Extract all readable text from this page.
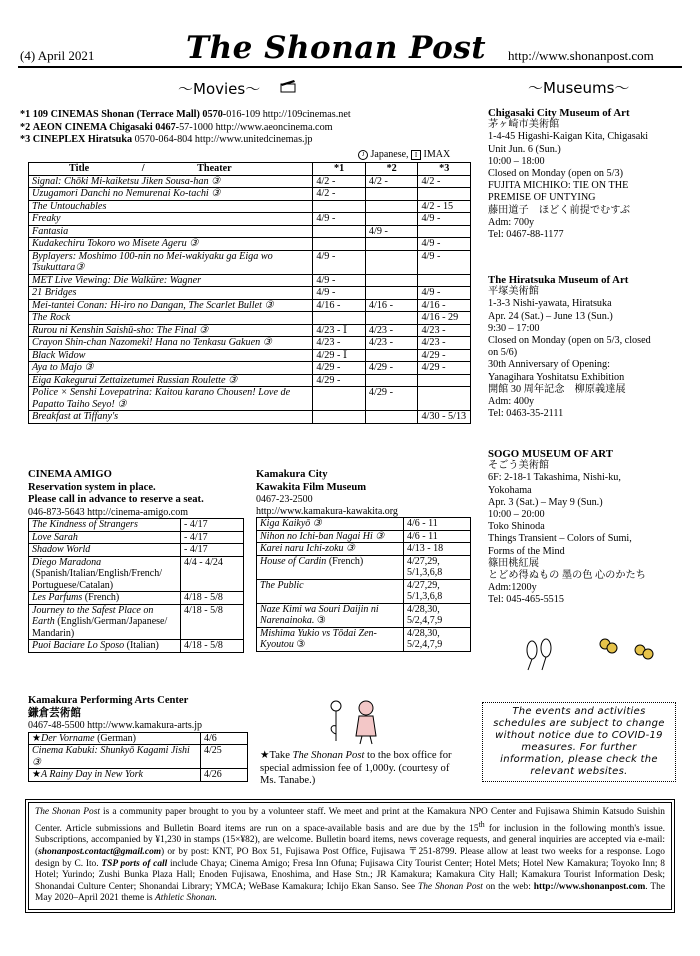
(4) April 2021	The Shonan Post http://www.shonanpost.com
～Movies～	～Museums～
*1 109 CINEMAS Shonan (Terrace Mall) 0570-016-109 http://109cinemas.net
*2 AEON CINEMA Chigasaki 0467-57-1000 http://www.aeoncinema.com
*3 CINEPLEX Hiratsuka 0570-064-804 http://www.unitedcinemas.jp
J Japanese, I IMAX
Title / Theater	*1	*2	*3
Signal: Chōki Mi-kaiketsu Jiken Sousa-han ③	4/2 -	4/2 -	4/2 -
Uzugamori Danchi no Nemurenai Ko-tachi ③	4/2 -		
The Untouchables			4/2 - 15
Freaky	4/9 -		4/9 -
Fantasia		4/9 -	
Kudakechiru Tokoro wo Misete Ageru ③			4/9 -
Byplayers: Moshimo 100-nin no Mei-wakiyaku ga Eiga wo Tsukuttara③	4/9 -		4/9 -
MET Live Viewing: Die Walküre: Wagner	4/9 -		
21 Bridges	4/9 -		4/9 -
Mei-tantei Conan: Hi-iro no Dangan, The Scarlet Bullet ③	4/16 -	4/16 -	4/16 -
The Rock			4/16 - 29
Rurou ni Kenshin Saishū-sho: The Final ③	4/23 - Ⅰ	4/23 -	4/23 -
Crayon Shin-chan Nazomeki! Hana no Tenkasu Gakuen ③	4/23 -	4/23 -	4/23 -
Black Widow	4/29 - Ⅰ		4/29 -
Aya to Majo ③	4/29 -	4/29 -	4/29 -
Eiga Kakegurui Zettaizetumei Russian Roulette ③	4/29 -		
Police × Senshi Lovepatrina: Kaitou karano Chousen! Love de Papatto Taiho Seyo! ③		4/29 -	
Breakfast at Tiffany's			4/30 - 5/13
CINEMA AMIGO
Reservation system in place.
Please call in advance to reserve a seat.
046-873-5643 http://cinema-amigo.com
The Kindness of Strangers	- 4/17
Love Sarah	- 4/17
Shadow World	- 4/17
Diego Maradona (Spanish/Italian/English/French/ Portuguese/Catalan)	4/4 - 4/24
Les Parfums (French)	4/18 - 5/8
Journey to the Safest Place on Earth (English/German/Japanese/ Mandarin)	4/18 - 5/8
Puoi Baciare Lo Sposo (Italian)	4/18 - 5/8
Kamakura City
Kawakita Film Museum
0467-23-2500
http://www.kamakura-kawakita.org
Kiga Kaikyō ③	4/6 - 11
Nihon no Ichi-ban Nagai Hi ③	4/6 - 11
Karei naru Ichi-zoku ③	4/13 - 18
House of Cardin (French)	4/27,29, 5/1,3,6,8
The Public	4/27,29, 5/1,3,6,8
Naze Kimi wa Souri Daijin ni Narenainoka. ③	4/28,30, 5/2,4,7,9
Mishima Yukio vs Tōdai Zen-Kyoutou ③	4/28,30, 5/2,4,7,9
Kamakura Performing Arts Center
鎌倉芸術館
0467-48-5500 http://www.kamakura-arts.jp
★Der Vorname (German)	4/6
Cinema Kabuki: Shunkyō Kagami Jishi ③	4/25
★A Rainy Day in New York	4/26
★Take The Shonan Post to the box office for special admission fee of 1,000y. (courtesy of Ms. Tanabe.)
The events and activities schedules are subject to change without notice due to COVID-19 measures. For further information, please check the relevant websites.
Chigasaki City Museum of Art
茅ヶ崎市美術館
1-4-45 Higashi-Kaigan Kita, Chigasaki
Unit Jun. 6 (Sun.)
10:00 – 18:00
Closed on Monday (open on 5/3)
FUJITA MICHIKO: TIE ON THE PREMISE OF UNTYING
藤田道子　ほどく前提でむすぶ
Adm: 700y
Tel: 0467-88-1177
The Hiratsuka Museum of Art
平塚美術館
1-3-3 Nishi-yawata, Hiratsuka
Apr. 24 (Sat.) – June 13 (Sun.)
9:30 – 17:00
Closed on Monday (open on 5/3, closed on 5/6)
30th Anniversary of Opening: Yanagihara Yoshitatsu Exhibition
開館 30 周年記念　柳原義達展
Adm: 400y
Tel: 0463-35-2111
SOGO MUSEUM OF ART
そごう美術館
6F: 2-18-1 Takashima, Nishi-ku, Yokohama
Apr. 3 (Sat.) – May 9 (Sun.)
10:00 – 20:00
Toko Shinoda
Things Transient – Colors of Sumi, Forms of the Mind
篠田桃紅展
とどめ得ぬもの 墨の色 心のかたち
Adm:1200y
Tel: 045-465-5515
The Shonan Post is a community paper brought to you by a volunteer staff. We meet and print at the Kamakura NPO Center and Fujisawa Shimin Katsudo Suishin Center. Article submissions and Bulletin Board items are run on a space-available basis and are due by the 15th for inclusion in the following month's issue. Subscriptions, accompanied by ¥1,230 in stamps (15×¥82), are welcome. Bulletin board items, news coverage requests, and general inquiries are accepted via e-mail: (shonanpost.contact@gmail.com) or by post: KNT, PO Box 51, Fujisawa Post Office, Fujisawa 〒251-8799. Please allow at least two weeks for a response. Logo design by C. Ito. TSP ports of call include Chaya; Cinema Amigo; Fresa Inn Ofuna; Fujisawa City Tourist Center; Hotel Mets; Hotel New Kamakura; Toyoko Inn; 8 Hotel; Yurindo; Zushi Bunka Plaza Hall; Enoden Fujisawa, Enoshima, and Hase Stn.; JR Kamakura; Kamakura City Hall; Kamakura Tourist Information Desk; Shonandai Culture Center; Shonandai Library; YMCA; WeBase Kamakura; Ichijo Ekan Sanso. See The Shonan Post on the web: http://www.shonanpost.com. The May 2020–April 2021 theme is Athletic Shonan.
